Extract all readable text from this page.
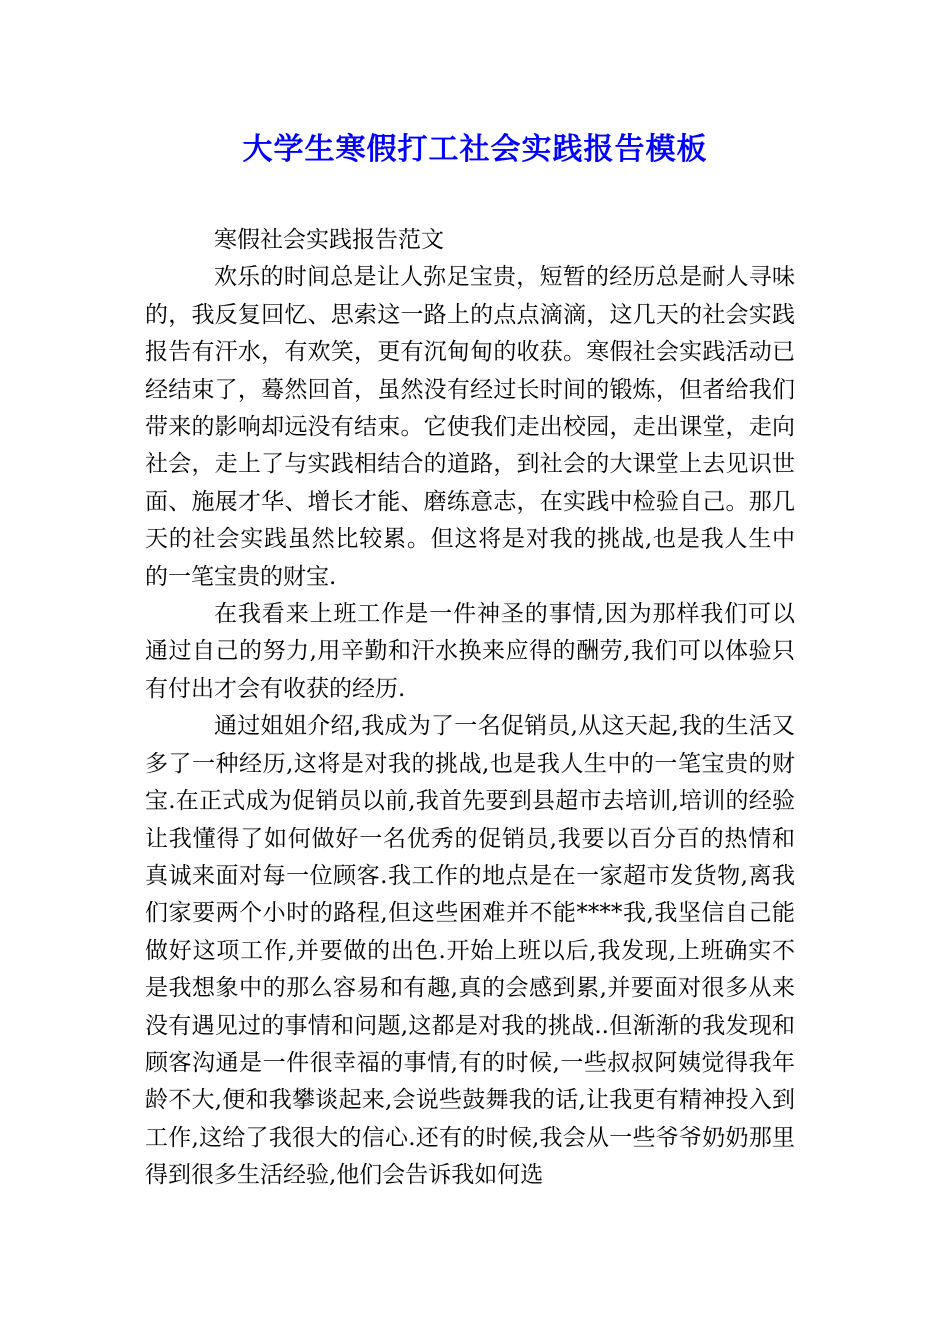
大学生寒假打工社会实践报告模板

寒假社会实践报告范文

欢乐的时间总是让人弥足宝贵，短暂的经历总是耐人寻味的，我反复回忆、思索这一路上的点点滴滴，这几天的社会实践报告有汗水，有欢笑，更有沉甸甸的收获。寒假社会实践活动已经结束了，蓦然回首，虽然没有经过长时间的锻炼，但者给我们带来的影响却远没有结束。它使我们走出校园，走出课堂，走向社会，走上了与实践相结合的道路，到社会的大课堂上去见识世面、施展才华、增长才能、磨练意志，在实践中检验自己。那几天的社会实践虽然比较累。但这将是对我的挑战,也是我人生中的一笔宝贵的财宝.

在我看来上班工作是一件神圣的事情,因为那样我们可以通过自己的努力,用辛勤和汗水换来应得的酬劳,我们可以体验只有付出才会有收获的经历.

通过姐姐介绍,我成为了一名促销员,从这天起,我的生活又多了一种经历,这将是对我的挑战,也是我人生中的一笔宝贵的财宝.在正式成为促销员以前,我首先要到县超市去培训,培训的经验让我懂得了如何做好一名优秀的促销员,我要以百分百的热情和真诚来面对每一位顾客.我工作的地点是在一家超市发货物,离我们家要两个小时的路程,但这些困难并不能****我,我坚信自己能做好这项工作,并要做的出色.开始上班以后,我发现,上班确实不是我想象中的那么容易和有趣,真的会感到累,并要面对很多从来没有遇见过的事情和问题,这都是对我的挑战..但渐渐的我发现和顾客沟通是一件很幸福的事情,有的时候,一些叔叔阿姨觉得我年龄不大,便和我攀谈起来,会说些鼓舞我的话,让我更有精神投入到工作,这给了我很大的信心.还有的时候,我会从一些爷爷奶奶那里得到很多生活经验,他们会告诉我如何选
